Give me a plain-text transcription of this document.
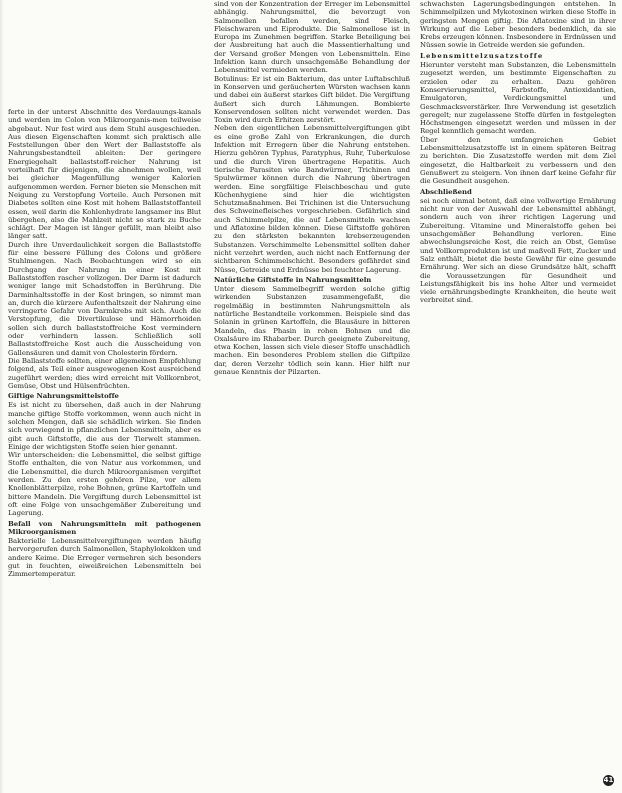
ferte in der unterst Abschnitte des Verdauungs-kanals und werden im Colon von Mikroorganis-men teilweise abgebaut. Nur fest wird aus dem Stuhl ausgeschieden. Aus diesen Eigenschaften kommt sich praktisch alle Feststellungen über den Wert der Ballaststoffe als Nahrungsbestandteil ableiten: Der geringere Energiegehalt ballaststoff-reicher Nahrung ist vorteilhaft für diejenigen, die abnehmen wollen, weil bei gleicher Magenfüllung weniger Kalorien aufgenommen werden. Ferner bieten sie Menschen mit Neigung zu Verstopfung Vorteile. Auch Personen mit Diabetes sollten eine Kost mit hohem Ballaststoffanteil essen, weil darin die Kohlenhydrate langsamer ins Blut übergehen, also die Mahlzeit nicht so stark zu Buche schlägt. Der Magen ist länger gefüllt, man bleibt also länger satt.

Durch ihre Unverdaulichkeit sorgen die Ballaststoffe für eine bessere Füllung des Colons und größere Stuhlmengen. Nach Beobachtungen wird so ein Durchgang der Nahrung in einer Kost mit Ballaststoffen rascher vollzogen. Der Darm ist dadurch weniger lange mit Schadstoffen in Berührung. Die Darminhaltsstoffe in der Kost bringen, so nimmt man an, durch die kürzere Aufenthaltszeit der Nahrung eine verringerte Gefahr von Darmkrebs mit sich. Auch die Verstopfung, die Divertikulose und Hämorrhoiden sollen sich durch ballaststoffreiche Kost vermindern oder verhindern lassen. Schließlich soll Ballaststoffreiche Kost auch die Ausscheidung von Gallensäuren und damit von Cholesterin fördern.

Die Ballaststoffe sollten, einer allgemeinen Empfehlung folgend, als Teil einer ausgewogenen Kost ausreichend zugeführt werden; dies wird erreicht mit Vollkornbrot, Gemüse, Obst und Hülsenfrüchten.

Giftige Nahrungsmittelstoffe

Es ist nicht zu übersehen, daß auch in der Nahrung manche giftige Stoffe vorkommen, wenn auch nicht in solchen Mengen, daß sie schädlich wirken. Sie finden sich vorwiegend in pflanzlichen Lebensmitteln, aber es gibt auch Giftstoffe, die aus der Tierwelt stammen. Einige der wichtigsten Stoffe seien hier genannt.

Wir unterscheiden: die Lebensmittel, die selbst giftige Stoffe enthalten, die von Natur aus vorkommen, und die Lebensmittel, die durch Mikroorganismen vergiftet werden. Zu den ersten gehören Pilze, vor allem Knollenblätterpilze, rohe Bohnen, grüne Kartoffeln und bittere Mandeln. Die Vergiftung durch Lebensmittel ist oft eine Folge von unsachgemäßer Zubereitung und Lagerung.

Befall von Nahrungsmitteln mit pathogenen Mikroorganismen

Bakterielle Lebensmittelvergiftungen werden häufig hervorgerufen durch Salmonellen, Staphylokokken und andere Keime. Die Erreger vermehren sich besonders gut in feuchten, eiweißreichen Lebensmitteln bei Zimmertemperatur.

sind von der Konzentration der Erreger im Lebensmittel abhängig. Nahrungsmittel, die bevorzugt von Salmonellen befallen werden, sind Fleisch, Fleischwaren und Eiprodukte. Die Salmonellose ist in Europa im Zunehmen begriffen. Starke Beteiligung bei der Ausbreitung hat auch die Massentierhaltung und der Versand großer Mengen von Lebensmitteln. Eine Infektion kann durch unsachgemäße Behandlung der Lebensmittel vermieden werden.

Botulinus: Er ist ein Bakterium, das unter Luftabschluß in Konserven und geräucherten Würsten wachsen kann und dabei ein äußerst starkes Gift bildet. Die Vergiftung äußert sich durch Lähmungen. Bombierte Konservendosen sollten nicht verwendet werden. Das Toxin wird durch Erhitzen zerstört.

Neben den eigentlichen Lebensmittelvergiftungen gibt es eine große Zahl von Erkrankungen, die durch Infektion mit Erregern über die Nahrung entstehen. Hierzu gehören Typhus, Paratyphus, Ruhr, Tuberkulose und die durch Viren übertragene Hepatitis. Auch tierische Parasiten wie Bandwürmer, Trichinen und Spulwürmer können durch die Nahrung übertragen werden. Eine sorgfältige Fleischbeschau und gute Küchenhygiene sind hier die wichtigsten Schutzmaßnahmen. Bei Trichinen ist die Untersuchung des Schweinefleisches vorgeschrieben. Gefährlich sind auch Schimmelpilze, die auf Lebensmitteln wachsen und Aflatoxine bilden können. Diese Giftstoffe gehören zu den stärksten bekannten krebserzeugenden Substanzen. Verschimmelte Lebensmittel sollten daher nicht verzehrt werden, auch nicht nach Entfernung der sichtbaren Schimmelschicht. Besonders gefährdet sind Nüsse, Getreide und Erdnüsse bei feuchter Lagerung.

Natürliche Giftstoffe in Nahrungsmitteln

Unter diesem Sammelbegriff werden solche giftig wirkenden Substanzen zusammengefaßt, die regelmäßig in bestimmten Nahrungsmitteln als natürliche Bestandteile vorkommen. Beispiele sind das Solanin in grünen Kartoffeln, die Blausäure in bitteren Mandeln, das Phasin in rohen Bohnen und die Oxalsäure im Rhabarber. Durch geeignete Zubereitung, etwa Kochen, lassen sich viele dieser Stoffe unschädlich machen. Ein besonderes Problem stellen die Giftpilze dar, deren Verzehr tödlich sein kann. Hier hilft nur genaue Kenntnis der Pilzarten.

schwachsten Lagerungsbedingungen entstehen. In Schimmelpilzen und Mykotoxinen wirken diese Stoffe in geringsten Mengen giftig. Die Aflatoxine sind in ihrer Wirkung auf die Leber besonders bedenklich, da sie Krebs erzeugen können. Insbesondere in Erdnüssen und Nüssen sowie in Getreide werden sie gefunden.

Lebensmittelzusatzstoffe

Hierunter versteht man Substanzen, die Lebensmitteln zugesetzt werden, um bestimmte Eigenschaften zu erzielen oder zu erhalten. Dazu gehören Konservierungsmittel, Farbstoffe, Antioxidantien, Emulgatoren, Verdickungsmittel und Geschmacksverstärker. Ihre Verwendung ist gesetzlich geregelt; nur zugelassene Stoffe dürfen in festgelegten Höchstmengen eingesetzt werden und müssen in der Regel kenntlich gemacht werden.

Über den umfangreichen Gebiet Lebensmittelzusatzstoffe ist in einem späteren Beitrag zu berichten. Die Zusatzstoffe werden mit dem Ziel eingesetzt, die Haltbarkeit zu verbessern und den Genußwert zu steigern. Von ihnen darf keine Gefahr für die Gesundheit ausgehen.

Abschließend

sei noch einmal betont, daß eine vollwertige Ernährung nicht nur von der Auswahl der Lebensmittel abhängt, sondern auch von ihrer richtigen Lagerung und Zubereitung. Vitamine und Mineralstoffe gehen bei unsachgemäßer Behandlung verloren. Eine abwechslungsreiche Kost, die reich an Obst, Gemüse und Vollkornprodukten ist und maßvoll Fett, Zucker und Salz enthält, bietet die beste Gewähr für eine gesunde Ernährung. Wer sich an diese Grundsätze hält, schafft die Voraussetzungen für Gesundheit und Leistungsfähigkeit bis ins hohe Alter und vermeidet viele ernährungsbedingte Krankheiten, die heute weit verbreitet sind.

41
